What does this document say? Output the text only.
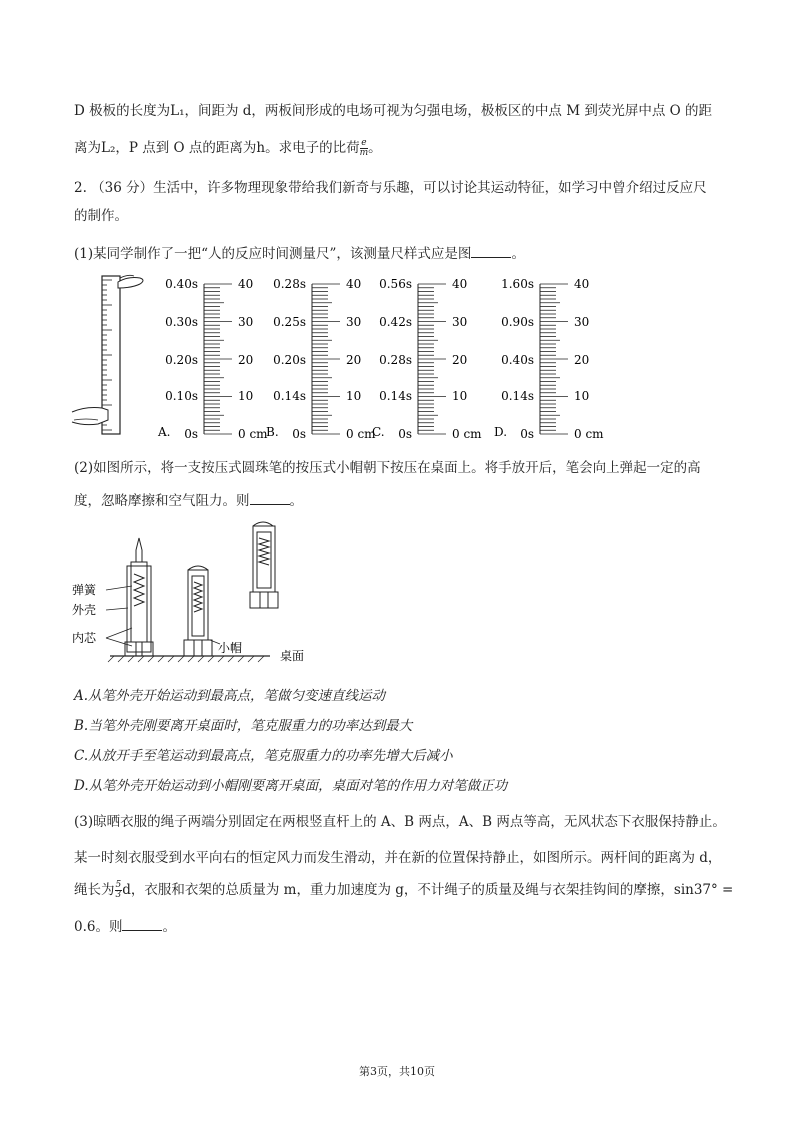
D 极板的长度为L₁，间距为 d，两板间形成的电场可视为匀强电场，极板区的中点 M 到荧光屏中点 O 的距
离为L₂，P 点到 O 点的距离为h。求电子的比荷 $\frac{e}{m}$ 。
2. （36 分）生活中，许多物理现象带给我们新奇与乐趣，可以讨论其运动特征，如学习中曾介绍过反应尺
的制作。
(1)某同学制作了一把“人的反应时间测量尺”，该测量尺样式应是图	。
A.
0.40s
0.30s
0.20s
0.10s
0s
40
30
20
10
0 cm
B.
0.28s
0.25s
0.20s
0.14s
0s
40
30
20
10
0 cm
C.
0.56s
0.42s
0.28s
0.14s
0s
40
30
20
10
0 cm D.
1.60s
0.90s
0.40s
0.14s
0s
40
30
20
10
0 cm
(2)如图所示，将一支按压式圆珠笔的按压式小帽朝下按压在桌面上。将手放开后，笔会向上弹起一定的高
度，忽略摩擦和空气阻力。则	。
弹簧
外壳
内芯
小帽
桌面
A.从笔外壳开始运动到最高点，笔做匀变速直线运动
B.当笔外壳刚要离开桌面时，笔克服重力的功率达到最大
C.从放开手至笔运动到最高点，笔克服重力的功率先增大后减小
D.从笔外壳开始运动到小帽刚要离开桌面，桌面对笔的作用力对笔做正功
(3)晾晒衣服的绳子两端分别固定在两根竖直杆上的 A、B 两点，A、B 两点等高，无风状态下衣服保持静止。
某一时刻衣服受到水平向右的恒定风力而发生滑动，并在新的位置保持静止，如图所示。两杆间的距离为 d，
绳长为 $\frac{5}{3}$ d，衣服和衣架的总质量为 m，重力加速度为 g，不计绳子的质量及绳与衣架挂钩间的摩擦，sin37° =
0.6。则	。
第3页，共10页
